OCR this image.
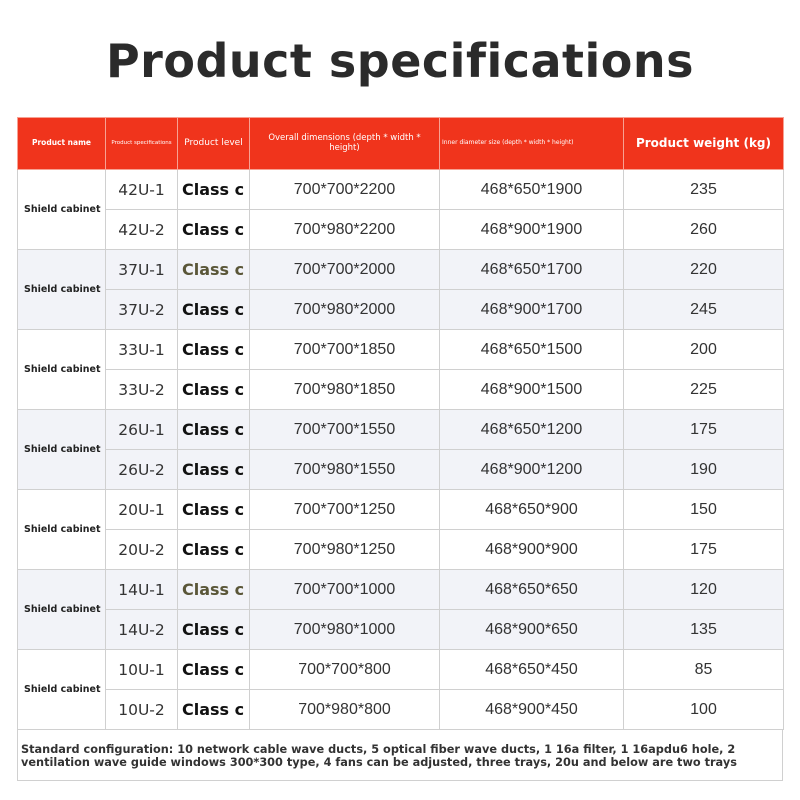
Product specifications
Product name	Product specifications	Product level	Overall dimensions (depth * width * height)	Inner diameter size (depth * width * height)	Product weight (kg)
Shield cabinet	42U-1	Class c	700*700*2200	468*650*1900	235
	42U-2	Class c	700*980*2200	468*900*1900	260
Shield cabinet	37U-1	Class c	700*700*2000	468*650*1700	220
	37U-2	Class c	700*980*2000	468*900*1700	245
Shield cabinet	33U-1	Class c	700*700*1850	468*650*1500	200
	33U-2	Class c	700*980*1850	468*900*1500	225
Shield cabinet	26U-1	Class c	700*700*1550	468*650*1200	175
	26U-2	Class c	700*980*1550	468*900*1200	190
Shield cabinet	20U-1	Class c	700*700*1250	468*650*900	150
	20U-2	Class c	700*980*1250	468*900*900	175
Shield cabinet	14U-1	Class c	700*700*1000	468*650*650	120
	14U-2	Class c	700*980*1000	468*900*650	135
Shield cabinet	10U-1	Class c	700*700*800	468*650*450	85
	10U-2	Class c	700*980*800	468*900*450	100
Standard configuration: 10 network cable wave ducts, 5 optical fiber wave ducts, 1 16a filter, 1 16apdu6 hole, 2 ventilation wave guide windows 300*300 type, 4 fans can be adjusted, three trays, 20u and below are two trays
